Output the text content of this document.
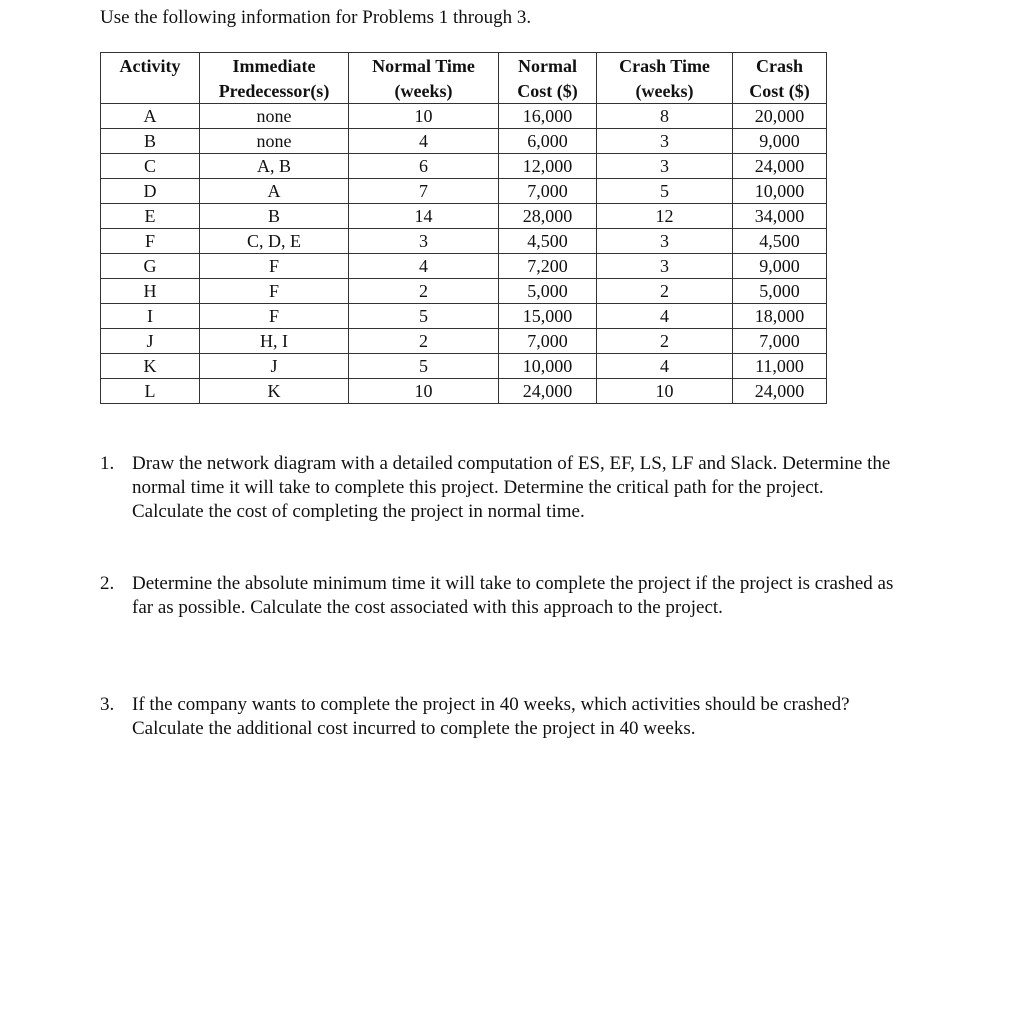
Use the following information for Problems 1 through 3.

Activity	Immediate	Normal Time	Normal	Crash Time	Crash
	Predecessor(s)	(weeks)	Cost ($)	(weeks)	Cost ($)
A	none	10	16,000	8	20,000
B	none	4	6,000	3	9,000
C	A, B	6	12,000	3	24,000
D	A	7	7,000	5	10,000
E	B	14	28,000	12	34,000
F	C, D, E	3	4,500	3	4,500
G	F	4	7,200	3	9,000
H	F	2	5,000	2	5,000
I	F	5	15,000	4	18,000
J	H, I	2	7,000	2	7,000
K	J	5	10,000	4	11,000
L	K	10	24,000	10	24,000
1. Draw the network diagram with a detailed computation of ES, EF, LS, LF and Slack. Determine the normal time it will take to complete this project. Determine the critical path for the project. Calculate the cost of completing the project in normal time.
2. Determine the absolute minimum time it will take to complete the project if the project is crashed as far as possible. Calculate the cost associated with this approach to the project.
3. If the company wants to complete the project in 40 weeks, which activities should be crashed? Calculate the additional cost incurred to complete the project in 40 weeks.
